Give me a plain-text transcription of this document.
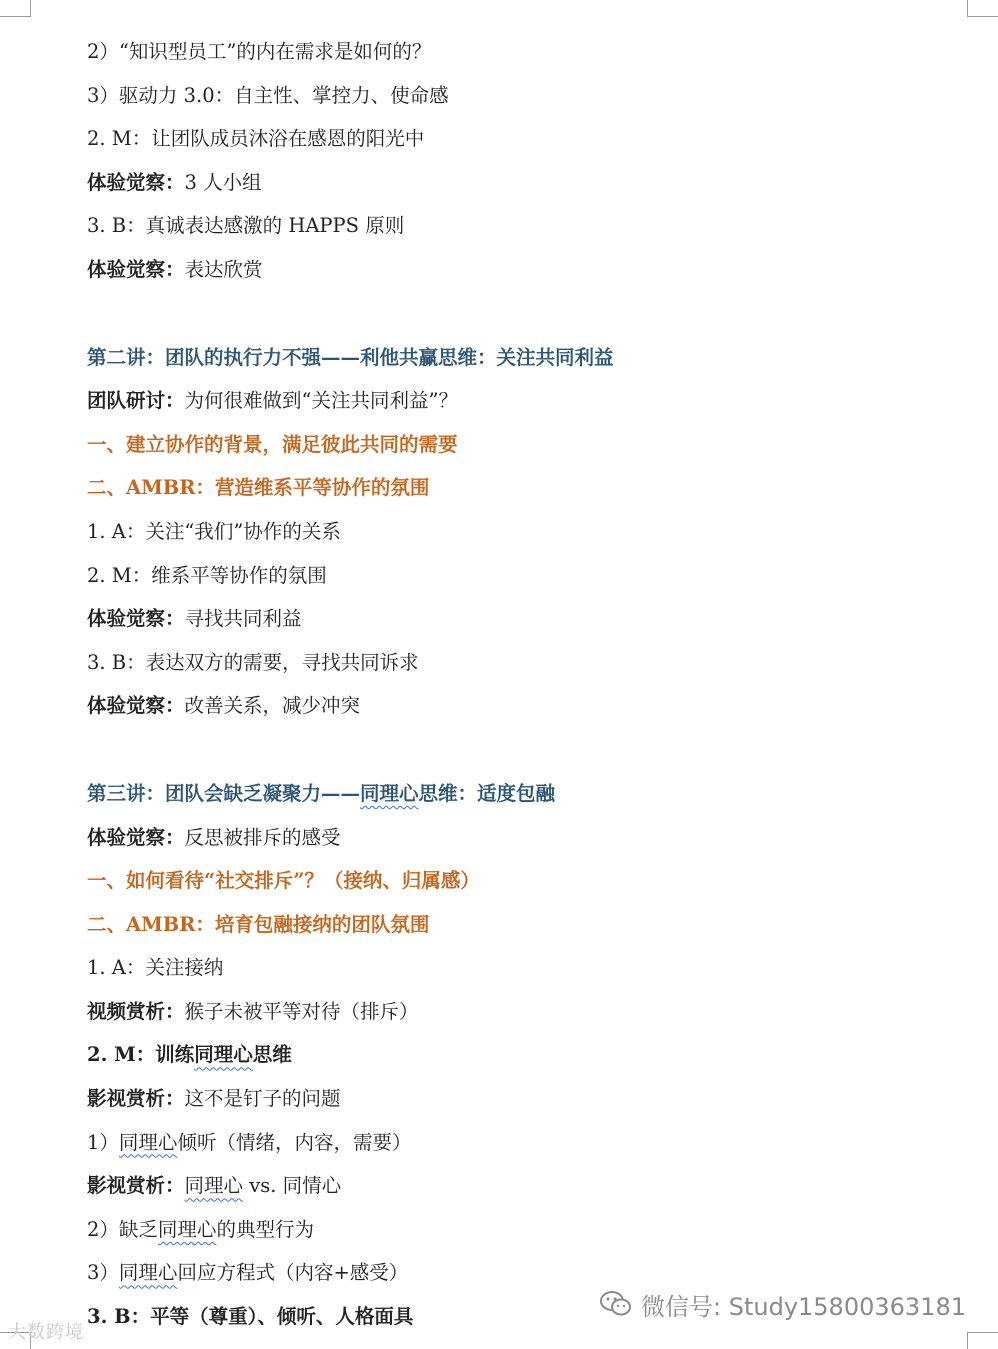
2）“知识型员工”的内在需求是如何的？
3）驱动力 3.0：自主性、掌控力、使命感
2. M：让团队成员沐浴在感恩的阳光中
体验觉察：3 人小组
3. B：真诚表达感激的 HAPPS 原则
体验觉察：表达欣赏
第二讲：团队的执行力不强——利他共赢思维：关注共同利益
团队研讨：为何很难做到“关注共同利益”？
一、建立协作的背景，满足彼此共同的需要
二、AMBR：营造维系平等协作的氛围
1. A：关注“我们”协作的关系
2. M：维系平等协作的氛围
体验觉察：寻找共同利益
3. B：表达双方的需要，寻找共同诉求
体验觉察：改善关系，减少冲突
第三讲：团队会缺乏凝聚力——同理心思维：适度包融
体验觉察：反思被排斥的感受
一、如何看待“社交排斥”？（接纳、归属感）
二、AMBR：培育包融接纳的团队氛围
1. A：关注接纳
视频赏析：猴子未被平等对待（排斥）
2. M：训练同理心思维
影视赏析：这不是钉子的问题
1）同理心倾听（情绪，内容，需要）
影视赏析：同理心 vs. 同情心
2）缺乏同理心的典型行为
3）同理心回应方程式（内容+感受）
3. B：平等（尊重）、倾听、人格面具	微信号: Study15800363181
大数跨境
